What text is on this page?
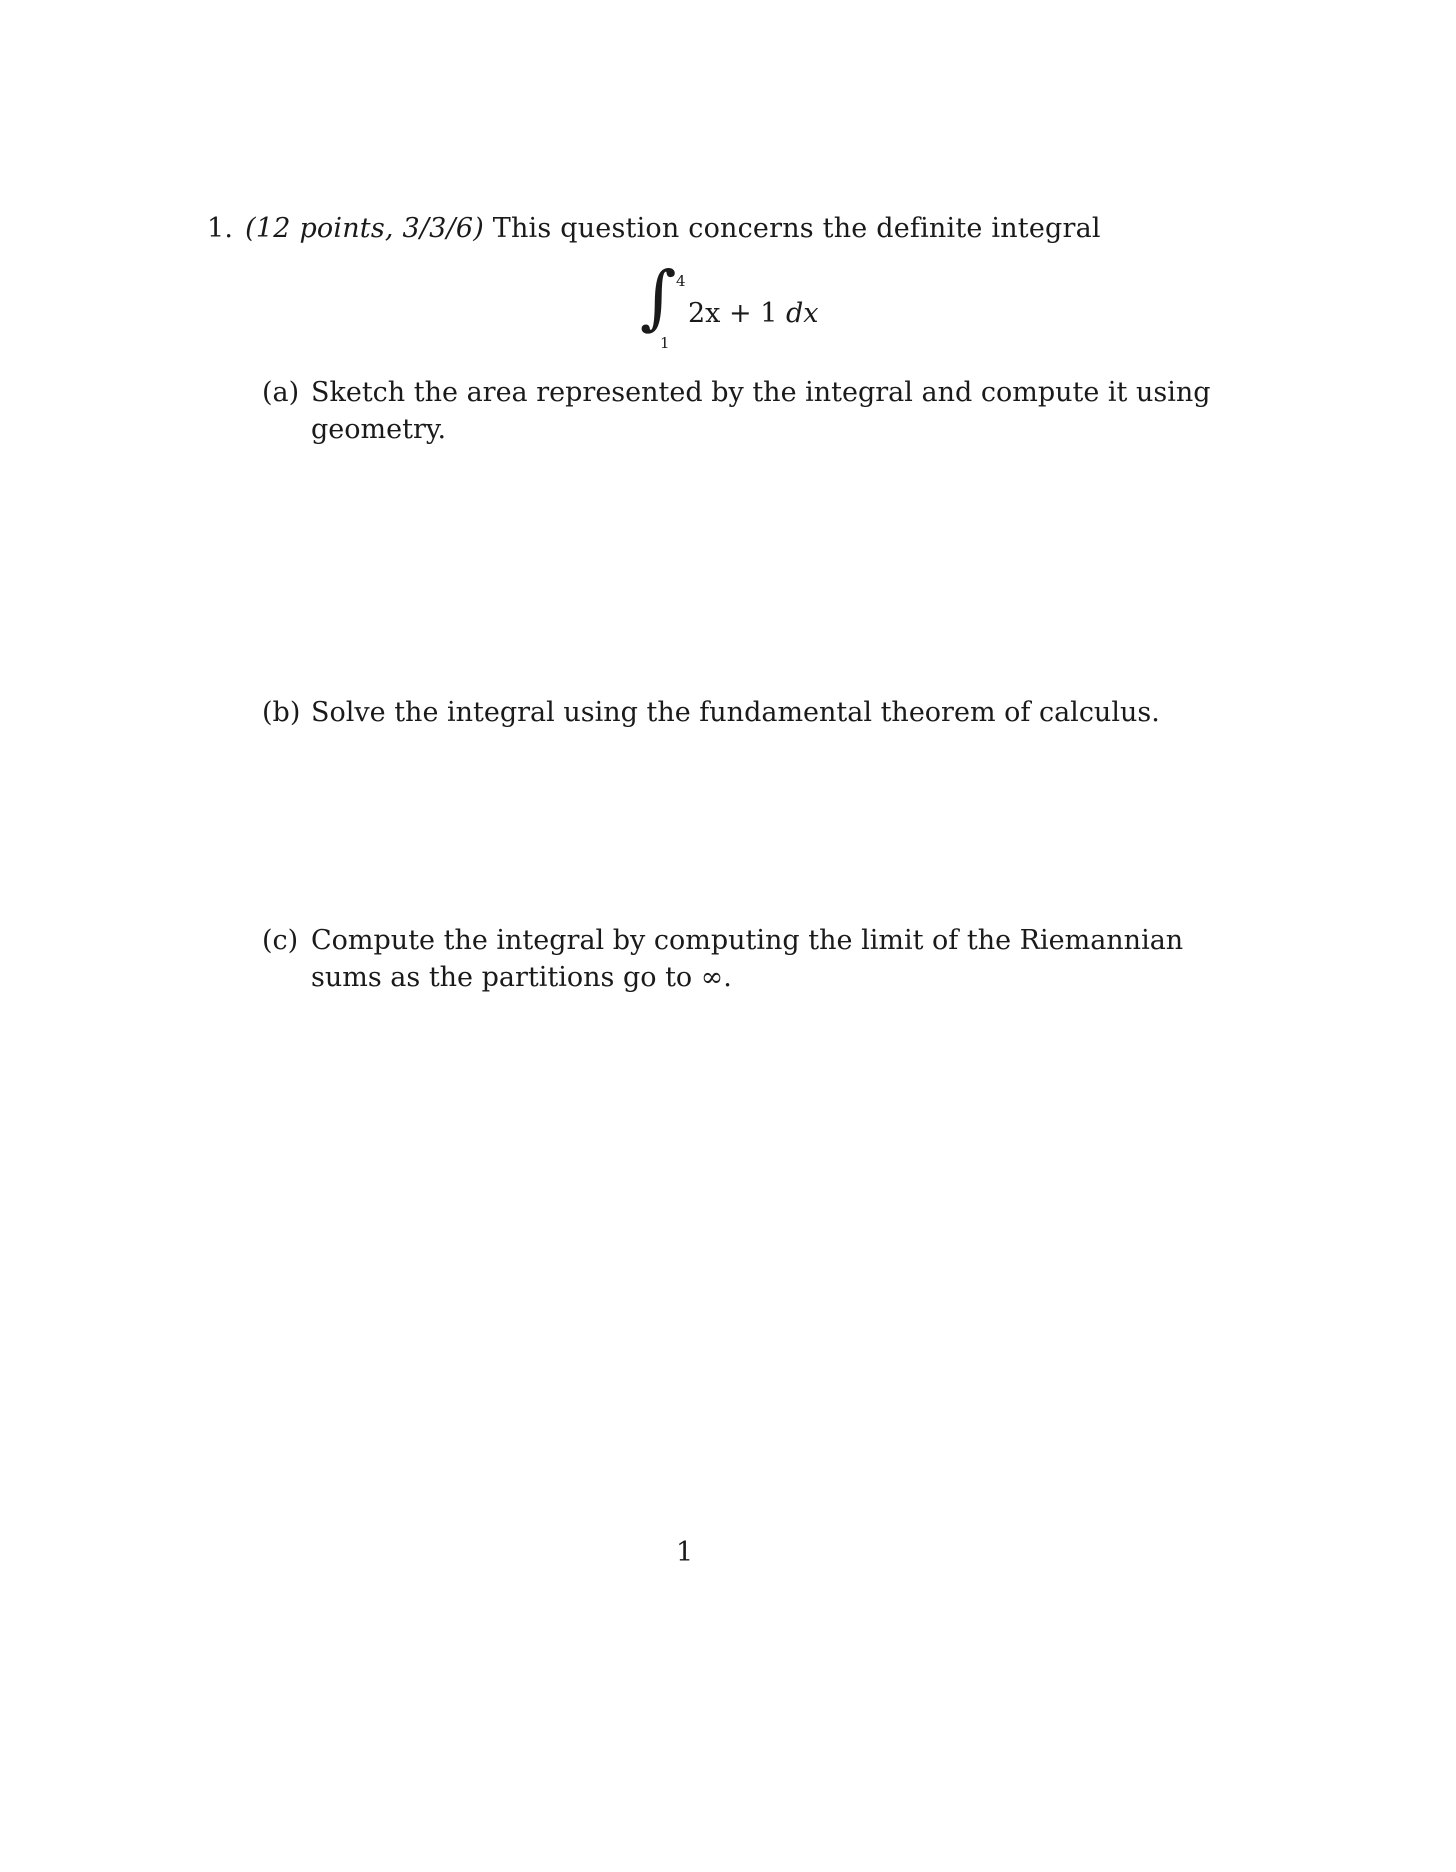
1. (12 points, 3/3/6) This question concerns the definite integral
∫ 4
1
2x + 1 dx
(a) Sketch the area represented by the integral and compute it using geometry.
(b) Solve the integral using the fundamental theorem of calculus.
(c) Compute the integral by computing the limit of the Riemannian sums as the partitions go to ∞.
1
